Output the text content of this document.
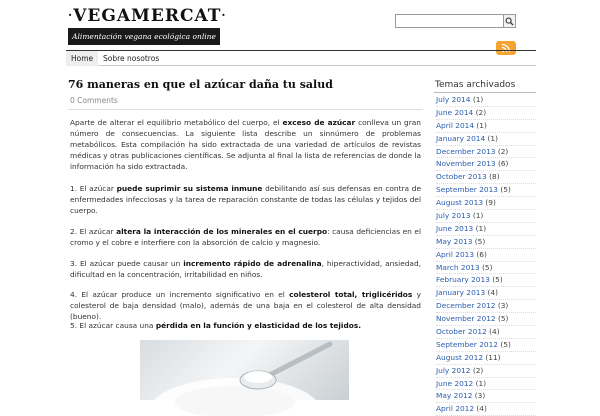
·VEGAMERCAT·
Alimentación vegana ecológica online
Home	Sobre nosotros
76 maneras en que el azúcar daña tu salud
0 Comments
Aparte de alterar el equilibrio metabólico del cuerpo, el exceso de azúcar conlleva un gran número de consecuencias. La siguiente lista describe un sinnúmero de problemas metabólicos. Esta compilación ha sido extractada de una variedad de artículos de revistas médicas y otras publicaciones científicas. Se adjunta al final la lista de referencias de donde la información ha sido extractada.
1. El azúcar puede suprimir su sistema inmune debilitando así sus defensas en contra de enfermedades infecciosas y la tarea de reparación constante de todas las células y tejidos del cuerpo.
2. El azúcar altera la interacción de los minerales en el cuerpo: causa deficiencias en el cromo y el cobre e interfiere con la absorción de calcio y magnesio.
3. El azúcar puede causar un incremento rápido de adrenalina, hiperactividad, ansiedad, dificultad en la concentración, irritabilidad en niños.
4. El azúcar produce un incremento significativo en el colesterol total, triglicéridos y colesterol de baja densidad (malo), además de una baja en el colesterol de alta densidad (bueno).
5. El azúcar causa una pérdida en la función y elasticidad de los tejidos.
Temas archivados
July 2014 (1)
June 2014 (2)
April 2014 (1)
January 2014 (1)
December 2013 (2)
November 2013 (6)
October 2013 (8)
September 2013 (5)
August 2013 (9)
July 2013 (1)
June 2013 (1)
May 2013 (5)
April 2013 (6)
March 2013 (5)
February 2013 (5)
January 2013 (4)
December 2012 (3)
November 2012 (5)
October 2012 (4)
September 2012 (5)
August 2012 (11)
July 2012 (2)
June 2012 (1)
May 2012 (3)
April 2012 (4)
